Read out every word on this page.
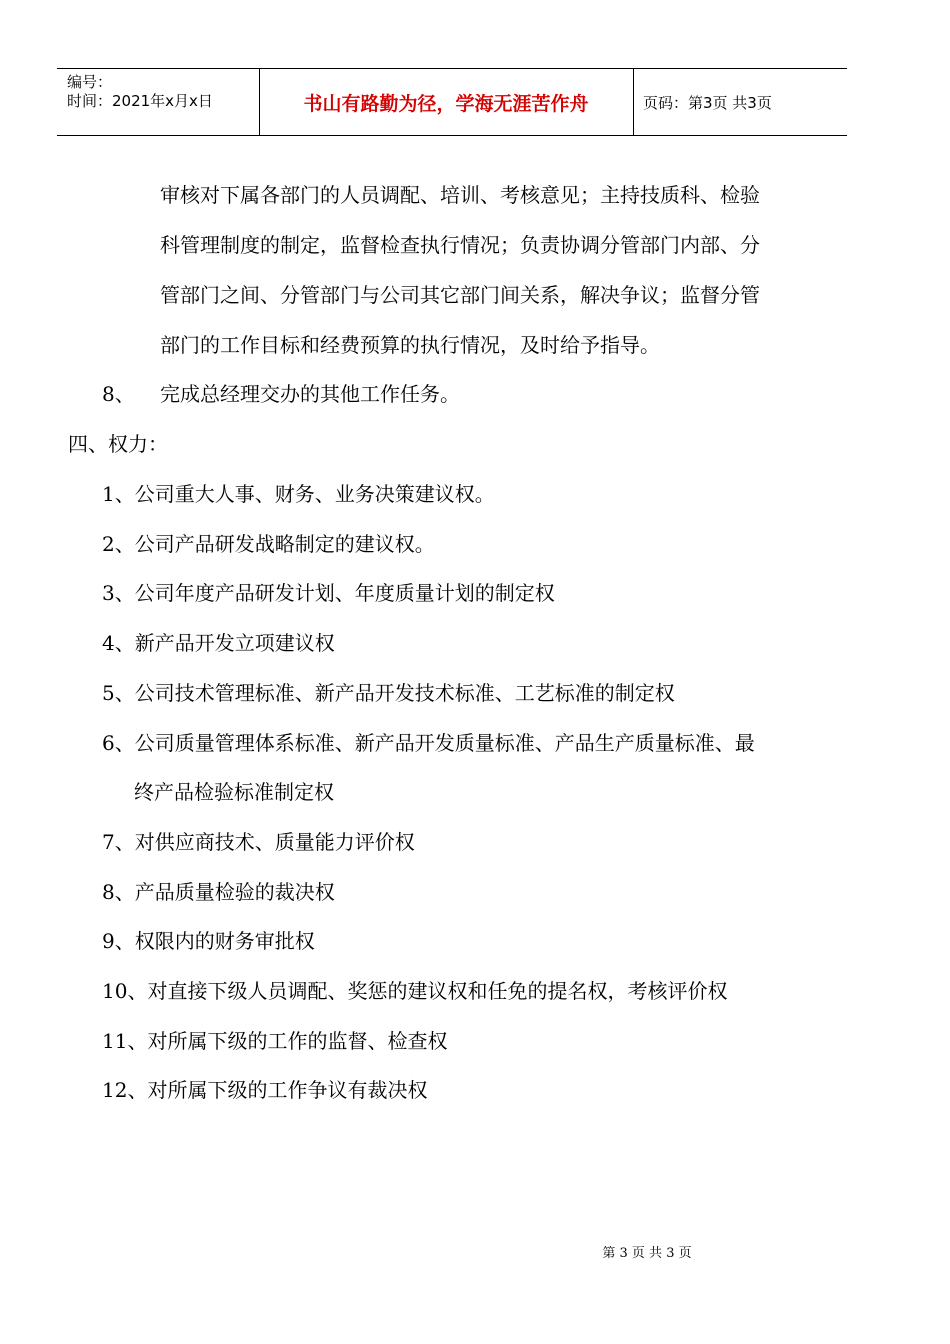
编号：
时间：2021年x月x日	书山有路勤为径，学海无涯苦作舟	页码：第3页 共3页
审核对下属各部门的人员调配、培训、考核意见；主持技质科、检验
科管理制度的制定，监督检查执行情况；负责协调分管部门内部、分
管部门之间、分管部门与公司其它部门间关系，解决争议；监督分管
部门的工作目标和经费预算的执行情况，及时给予指导。
8、 完成总经理交办的其他工作任务。
四、权力：
1、公司重大人事、财务、业务决策建议权。
2、公司产品研发战略制定的建议权。
3、公司年度产品研发计划、年度质量计划的制定权
4、新产品开发立项建议权
5、公司技术管理标准、新产品开发技术标准、工艺标准的制定权
6、公司质量管理体系标准、新产品开发质量标准、产品生产质量标准、最
终产品检验标准制定权
7、对供应商技术、质量能力评价权
8、产品质量检验的裁决权
9、权限内的财务审批权
10、对直接下级人员调配、奖惩的建议权和任免的提名权，考核评价权
11、对所属下级的工作的监督、检查权
12、对所属下级的工作争议有裁决权
第 3 页 共 3 页
